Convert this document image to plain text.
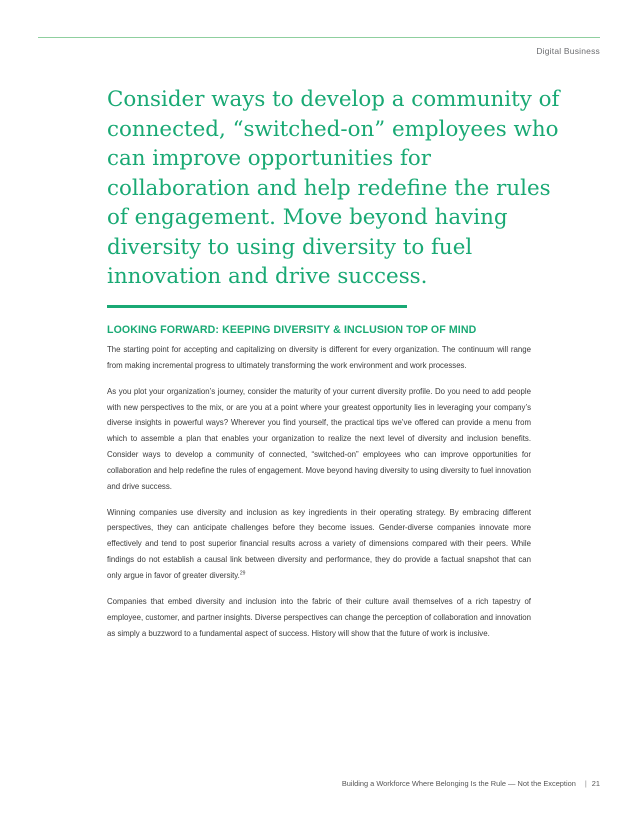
Digital Business
Consider ways to develop a community of connected, “switched-on” employees who can improve opportunities for collaboration and help redefine the rules of engagement. Move beyond having diversity to using diversity to fuel innovation and drive success.
LOOKING FORWARD: KEEPING DIVERSITY & INCLUSION TOP OF MIND

The starting point for accepting and capitalizing on diversity is different for every organization. The continuum will range from making incremental progress to ultimately transforming the work environment and work processes.

As you plot your organization’s journey, consider the maturity of your current diversity profile. Do you need to add people with new perspectives to the mix, or are you at a point where your greatest opportunity lies in leveraging your company’s diverse insights in powerful ways? Wherever you find yourself, the practical tips we’ve offered can provide a menu from which to assemble a plan that enables your organization to realize the next level of diversity and inclusion benefits. Consider ways to develop a community of connected, “switched-on” employees who can improve opportunities for collaboration and help redefine the rules of engagement. Move beyond having diversity to using diversity to fuel innovation and drive success.

Winning companies use diversity and inclusion as key ingredients in their operating strategy. By embracing different perspectives, they can anticipate challenges before they become issues. Gender-diverse companies innovate more effectively and tend to post superior financial results across a variety of dimensions compared with their peers. While findings do not establish a causal link between diversity and performance, they do provide a factual snapshot that can only argue in favor of greater diversity.$^{29}$

Companies that embed diversity and inclusion into the fabric of their culture avail themselves of a rich tapestry of employee, customer, and partner insights. Diverse perspectives can change the perception of collaboration and innovation as simply a buzzword to a fundamental aspect of success. History will show that the future of work is inclusive.

Building a Workforce Where Belonging Is the Rule — Not the Exception | 21
